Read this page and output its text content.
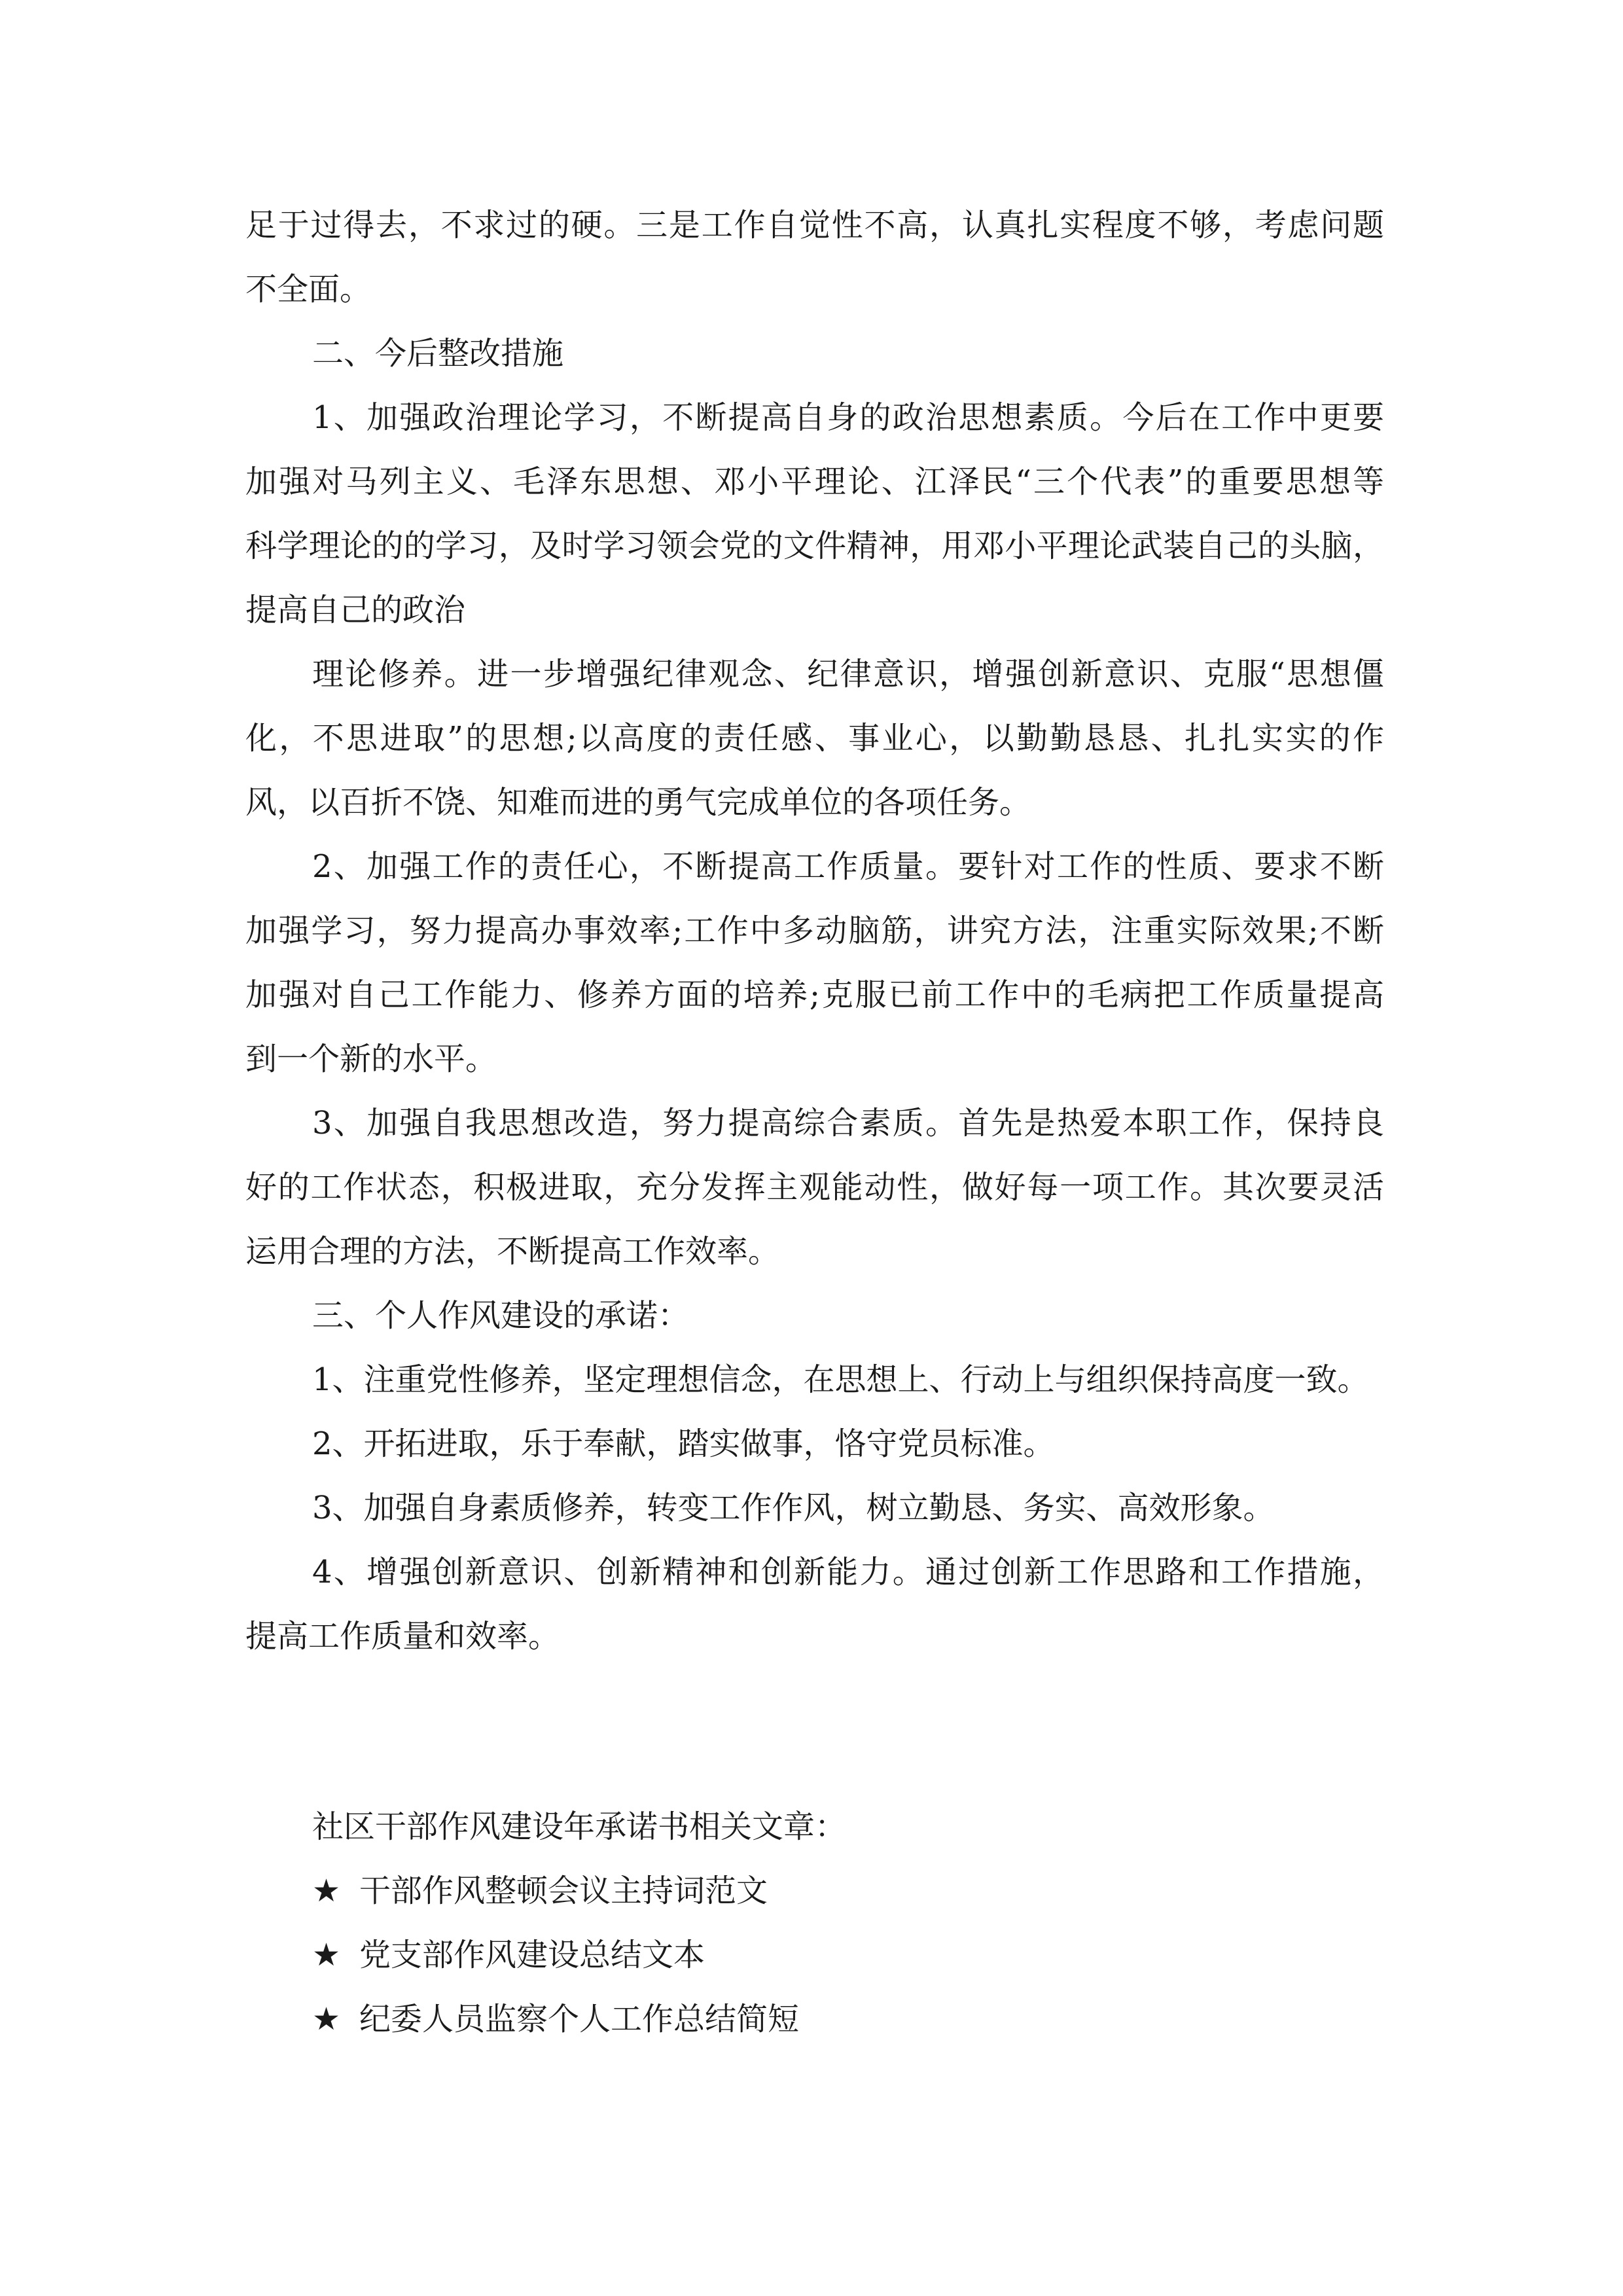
足于过得去，不求过的硬。三是工作自觉性不高，认真扎实程度不够，考虑问题
不全面。
二、今后整改措施
1、加强政治理论学习，不断提高自身的政治思想素质。今后在工作中更要
加强对马列主义、毛泽东思想、邓小平理论、江泽民“三个代表”的重要思想等
科学理论的的学习，及时学习领会党的文件精神，用邓小平理论武装自己的头脑，
提高自己的政治
理论修养。进一步增强纪律观念、纪律意识，增强创新意识、克服“思想僵
化，不思进取”的思想;以高度的责任感、事业心，以勤勤恳恳、扎扎实实的作
风，以百折不饶、知难而进的勇气完成单位的各项任务。
2、加强工作的责任心，不断提高工作质量。要针对工作的性质、要求不断
加强学习，努力提高办事效率;工作中多动脑筋，讲究方法，注重实际效果;不断
加强对自己工作能力、修养方面的培养;克服已前工作中的毛病把工作质量提高
到一个新的水平。
3、加强自我思想改造，努力提高综合素质。首先是热爱本职工作，保持良
好的工作状态，积极进取，充分发挥主观能动性，做好每一项工作。其次要灵活
运用合理的方法，不断提高工作效率。
三、个人作风建设的承诺：
1、注重党性修养，坚定理想信念，在思想上、行动上与组织保持高度一致。
2、开拓进取，乐于奉献，踏实做事，恪守党员标准。
3、加强自身素质修养，转变工作作风，树立勤恳、务实、高效形象。
4、增强创新意识、创新精神和创新能力。通过创新工作思路和工作措施，
提高工作质量和效率。
社区干部作风建设年承诺书相关文章：
★ 干部作风整顿会议主持词范文
★ 党支部作风建设总结文本
★ 纪委人员监察个人工作总结简短
